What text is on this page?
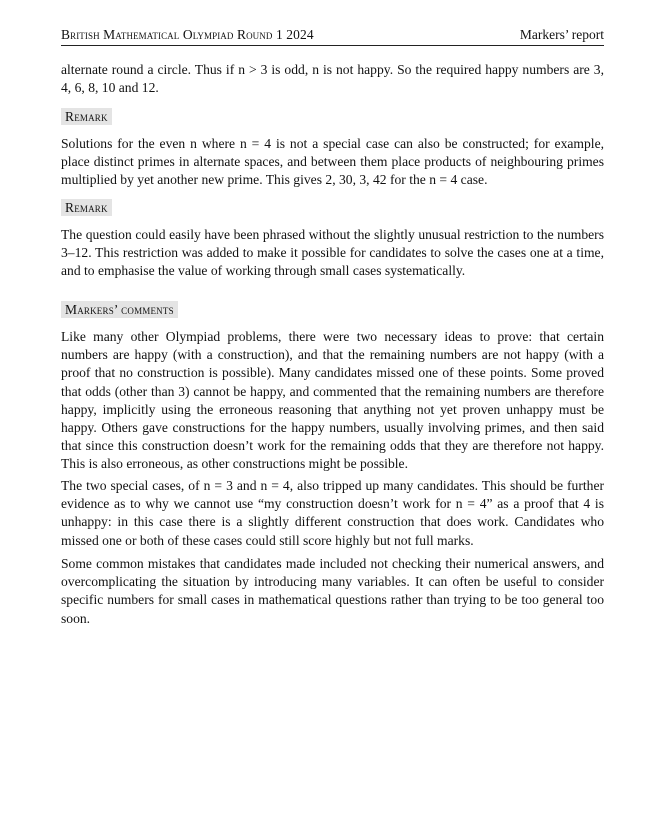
British Mathematical Olympiad Round 1 2024	Markers’ report

alternate round a circle. Thus if n > 3 is odd, n is not happy. So the required happy numbers are 3, 4, 6, 8, 10 and 12.

Remark

Solutions for the even n where n = 4 is not a special case can also be constructed; for example, place distinct primes in alternate spaces, and between them place products of neighbouring primes multiplied by yet another new prime. This gives 2, 30, 3, 42 for the n = 4 case.

Remark

The question could easily have been phrased without the slightly unusual restriction to the numbers 3–12. This restriction was added to make it possible for candidates to solve the cases one at a time, and to emphasise the value of working through small cases systematically.

Markers’ comments

Like many other Olympiad problems, there were two necessary ideas to prove: that certain numbers are happy (with a construction), and that the remaining numbers are not happy (with a proof that no construction is possible). Many candidates missed one of these points. Some proved that odds (other than 3) cannot be happy, and commented that the remaining numbers are therefore happy, implicitly using the erroneous reasoning that anything not yet proven unhappy must be happy. Others gave constructions for the happy numbers, usually involving primes, and then said that since this construction doesn’t work for the remaining odds that they are therefore not happy. This is also erroneous, as other constructions might be possible.

The two special cases, of n = 3 and n = 4, also tripped up many candidates. This should be further evidence as to why we cannot use “my construction doesn’t work for n = 4” as a proof that 4 is unhappy: in this case there is a slightly different construction that does work. Candidates who missed one or both of these cases could still score highly but not full marks.

Some common mistakes that candidates made included not checking their numerical answers, and overcomplicating the situation by introducing many variables. It can often be useful to consider specific numbers for small cases in mathematical questions rather than trying to be too general too soon.
